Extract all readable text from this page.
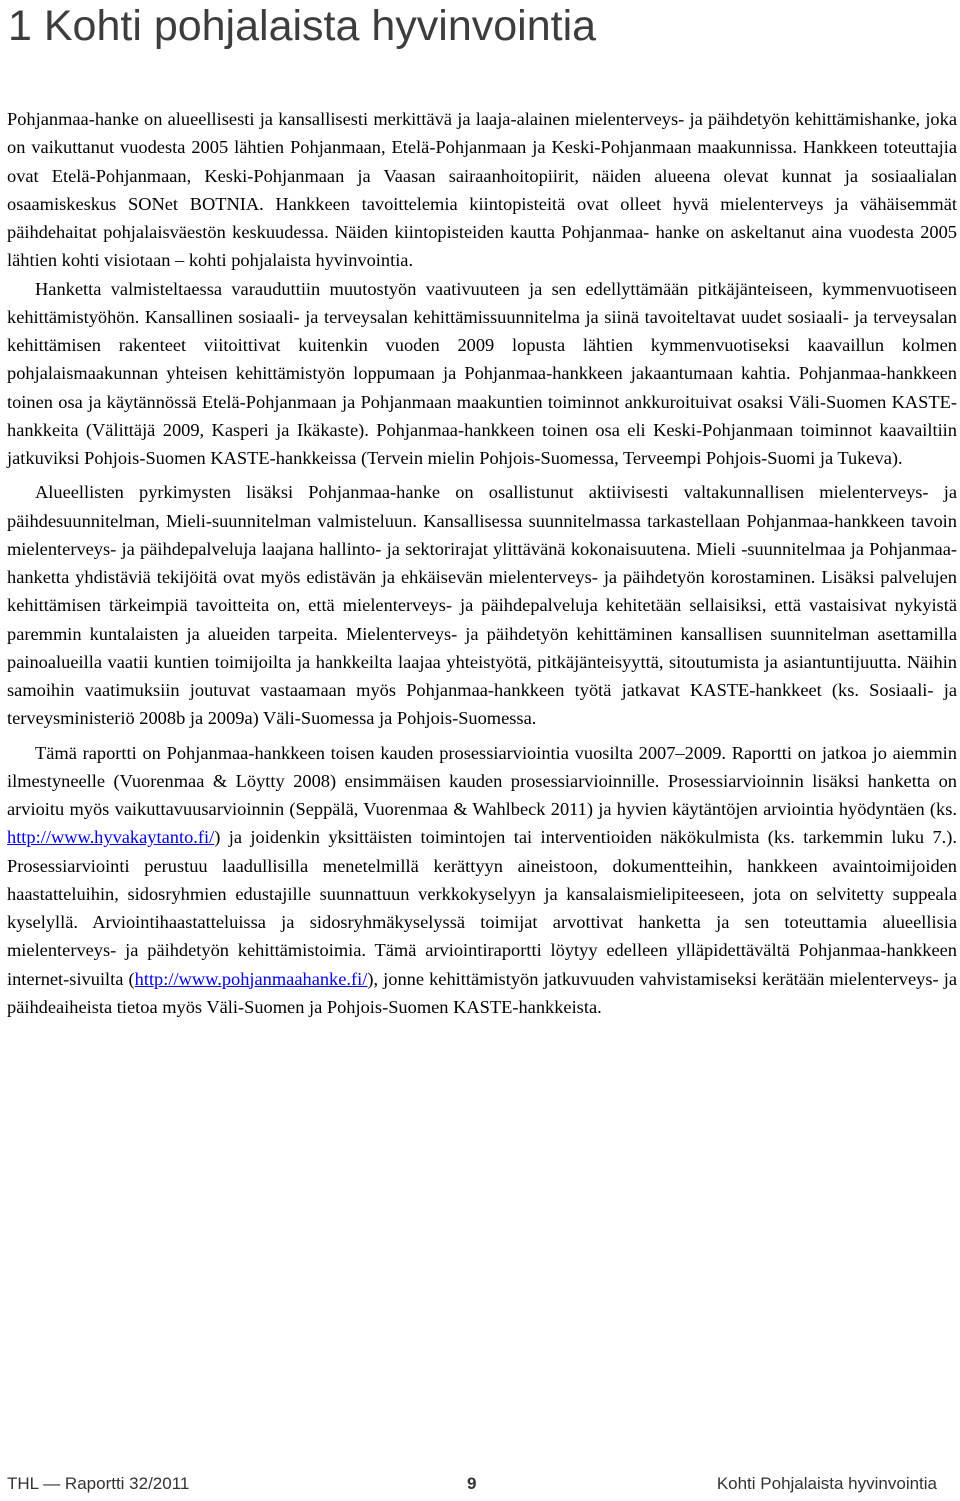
1 Kohti pohjalaista hyvinvointia

Pohjanmaa-hanke on alueellisesti ja kansallisesti merkittävä ja laaja-alainen mielenterveys- ja päihdetyön kehittämishanke, joka on vaikuttanut vuodesta 2005 lähtien Pohjanmaan, Etelä-Pohjanmaan ja Keski-Pohjanmaan maakunnissa. Hankkeen toteuttajia ovat Etelä-Pohjanmaan, Keski-Pohjanmaan ja Vaasan sairaanhoitopiirit, näiden alueena olevat kunnat ja sosiaalialan osaamiskeskus SONet BOTNIA. Hankkeen tavoittelemia kiintopisteitä ovat olleet hyvä mielenterveys ja vähäisemmät päihdehaitat pohjalaisväestön keskuudessa. Näiden kiintopisteiden kautta Pohjanmaa- hanke on askeltanut aina vuodesta 2005 lähtien kohti visiotaan – kohti pohjalaista hyvinvointia.

Hanketta valmisteltaessa varauduttiin muutostyön vaativuuteen ja sen edellyttämään pitkäjänteiseen, kymmenvuotiseen kehittämistyöhön. Kansallinen sosiaali- ja terveysalan kehittämissuunnitelma ja siinä tavoiteltavat uudet sosiaali- ja terveysalan kehittämisen rakenteet viitoittivat kuitenkin vuoden 2009 lopusta lähtien kymmenvuotiseksi kaavaillun kolmen pohjalaismaakunnan yhteisen kehittämistyön loppumaan ja Pohjanmaa-hankkeen jakaantumaan kahtia. Pohjanmaa-hankkeen toinen osa ja käytännössä Etelä-Pohjanmaan ja Pohjanmaan maakuntien toiminnot ankkuroituivat osaksi Väli-Suomen KASTE-hankkeita (Välittäjä 2009, Kasperi ja Ikäkaste). Pohjanmaa-hankkeen toinen osa eli Keski-Pohjanmaan toiminnot kaavailtiin jatkuviksi Pohjois-Suomen KASTE-hankkeissa (Tervein mielin Pohjois-Suomessa, Terveempi Pohjois-Suomi ja Tukeva).

Alueellisten pyrkimysten lisäksi Pohjanmaa-hanke on osallistunut aktiivisesti valtakunnallisen mielenterveys- ja päihdesuunnitelman, Mieli-suunnitelman valmisteluun. Kansallisessa suunnitelmassa tarkastellaan Pohjanmaa-hankkeen tavoin mielenterveys- ja päihdepalveluja laajana hallinto- ja sektorirajat ylittävänä kokonaisuutena. Mieli -suunnitelmaa ja Pohjanmaa-hanketta yhdistäviä tekijöitä ovat myös edistävän ja ehkäisevän mielenterveys- ja päihdetyön korostaminen. Lisäksi palvelujen kehittämisen tärkeimpiä tavoitteita on, että mielenterveys- ja päihdepalveluja kehitetään sellaisiksi, että vastaisivat nykyistä paremmin kuntalaisten ja alueiden tarpeita. Mielenterveys- ja päihdetyön kehittäminen kansallisen suunnitelman asettamilla painoalueilla vaatii kuntien toimijoilta ja hankkeilta laajaa yhteistyötä, pitkäjänteisyyttä, sitoutumista ja asiantuntijuutta. Näihin samoihin vaatimuksiin joutuvat vastaamaan myös Pohjanmaa-hankkeen työtä jatkavat KASTE-hankkeet (ks. Sosiaali- ja terveysministeriö 2008b ja 2009a) Väli-Suomessa ja Pohjois-Suomessa.

Tämä raportti on Pohjanmaa-hankkeen toisen kauden prosessiarviointia vuosilta 2007–2009. Raportti on jatkoa jo aiemmin ilmestyneelle (Vuorenmaa & Löytty 2008) ensimmäisen kauden prosessiarvioinnille. Prosessiarvioinnin lisäksi hanketta on arvioitu myös vaikuttavuusarvioinnin (Seppälä, Vuorenmaa & Wahlbeck 2011) ja hyvien käytäntöjen arviointia hyödyntäen (ks. http://www.hyvakaytanto.fi/) ja joidenkin yksittäisten toimintojen tai interventioiden näkökulmista (ks. tarkemmin luku 7.). Prosessiarviointi perustuu laadullisilla menetelmillä kerättyyn aineistoon, dokumentteihin, hankkeen avaintoimijoiden haastatteluihin, sidosryhmien edustajille suunnattuun verkkokyselyyn ja kansalaismielipiteeseen, jota on selvitetty suppeala kyselyllä. Arviointihaastatteluissa ja sidosryhmäkyselyssä toimijat arvottivat hanketta ja sen toteuttamia alueellisia mielenterveys- ja päihdetyön kehittämistoimia. Tämä arviointiraportti löytyy edelleen ylläpidettävältä Pohjanmaa-hankkeen internet-sivuilta (http://www.pohjanmaahanke.fi/), jonne kehittämistyön jatkuvuuden vahvistamiseksi kerätään mielenterveys- ja päihdeaiheista tietoa myös Väli-Suomen ja Pohjois-Suomen KASTE-hankkeista.

THL — Raportti 32/2011	9	Kohti Pohjalaista hyvinvointia
